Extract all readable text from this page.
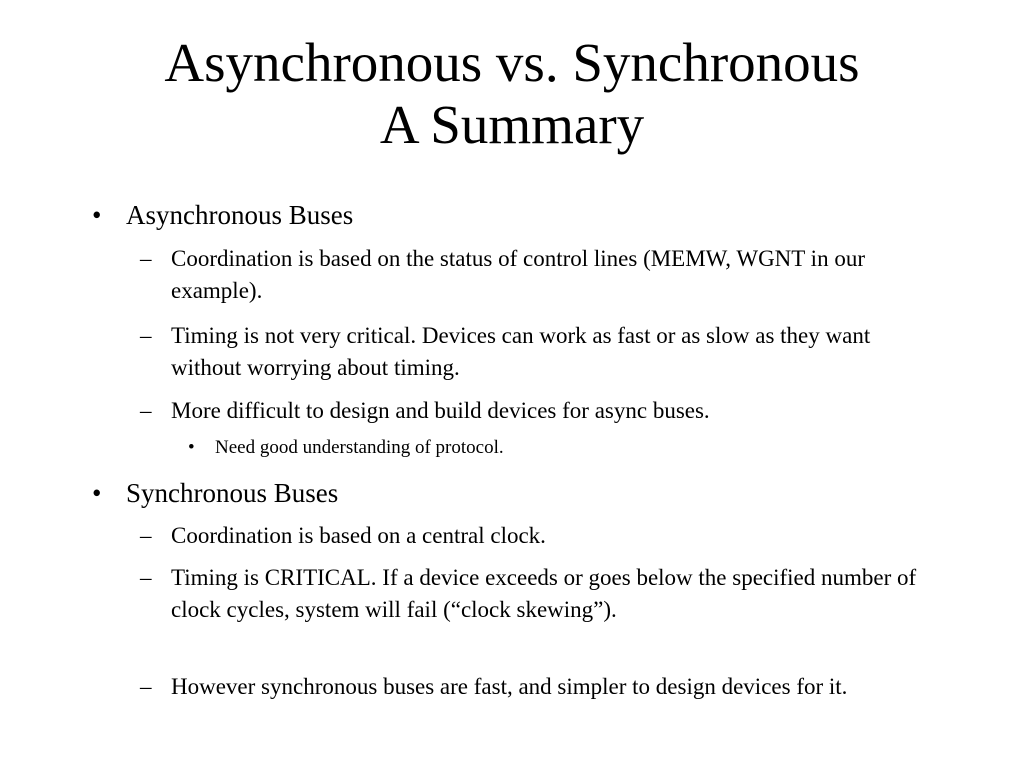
Asynchronous vs. Synchronous
A Summary
• Asynchronous Buses
– Coordination is based on the status of control lines (MEMW, WGNT in our example).
– Timing is not very critical. Devices can work as fast or as slow as they want without worrying about timing.
– More difficult to design and build devices for async buses.
• Need good understanding of protocol.
• Synchronous Buses
– Coordination is based on a central clock.
– Timing is CRITICAL. If a device exceeds or goes below the specified number of clock cycles, system will fail (“clock skewing”).
– However synchronous buses are fast, and simpler to design devices for it.
